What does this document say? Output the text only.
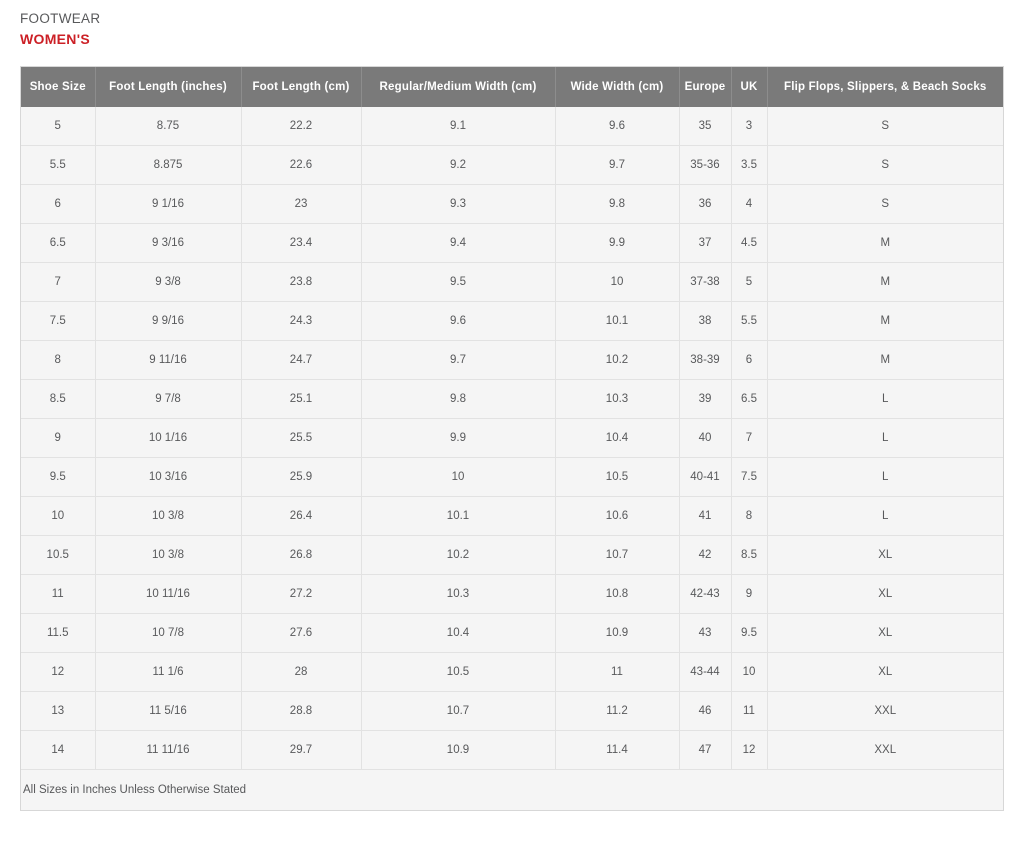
FOOTWEAR
WOMEN'S
Shoe Size	Foot Length (inches)	Foot Length (cm)	Regular/Medium Width (cm)	Wide Width (cm)	Europe	UK	Flip Flops, Slippers, & Beach Socks
5	8.75	22.2	9.1	9.6	35	3	S
5.5	8.875	22.6	9.2	9.7	35-36	3.5	S
6	9 1/16	23	9.3	9.8	36	4	S
6.5	9 3/16	23.4	9.4	9.9	37	4.5	M
7	9 3/8	23.8	9.5	10	37-38	5	M
7.5	9 9/16	24.3	9.6	10.1	38	5.5	M
8	9 11/16	24.7	9.7	10.2	38-39	6	M
8.5	9 7/8	25.1	9.8	10.3	39	6.5	L
9	10 1/16	25.5	9.9	10.4	40	7	L
9.5	10 3/16	25.9	10	10.5	40-41	7.5	L
10	10 3/8	26.4	10.1	10.6	41	8	L
10.5	10 3/8	26.8	10.2	10.7	42	8.5	XL
11	10 11/16	27.2	10.3	10.8	42-43	9	XL
11.5	10 7/8	27.6	10.4	10.9	43	9.5	XL
12	11 1/6	28	10.5	11	43-44	10	XL
13	11 5/16	28.8	10.7	11.2	46	11	XXL
14	11 11/16	29.7	10.9	11.4	47	12	XXL

All Sizes in Inches Unless Otherwise Stated							
